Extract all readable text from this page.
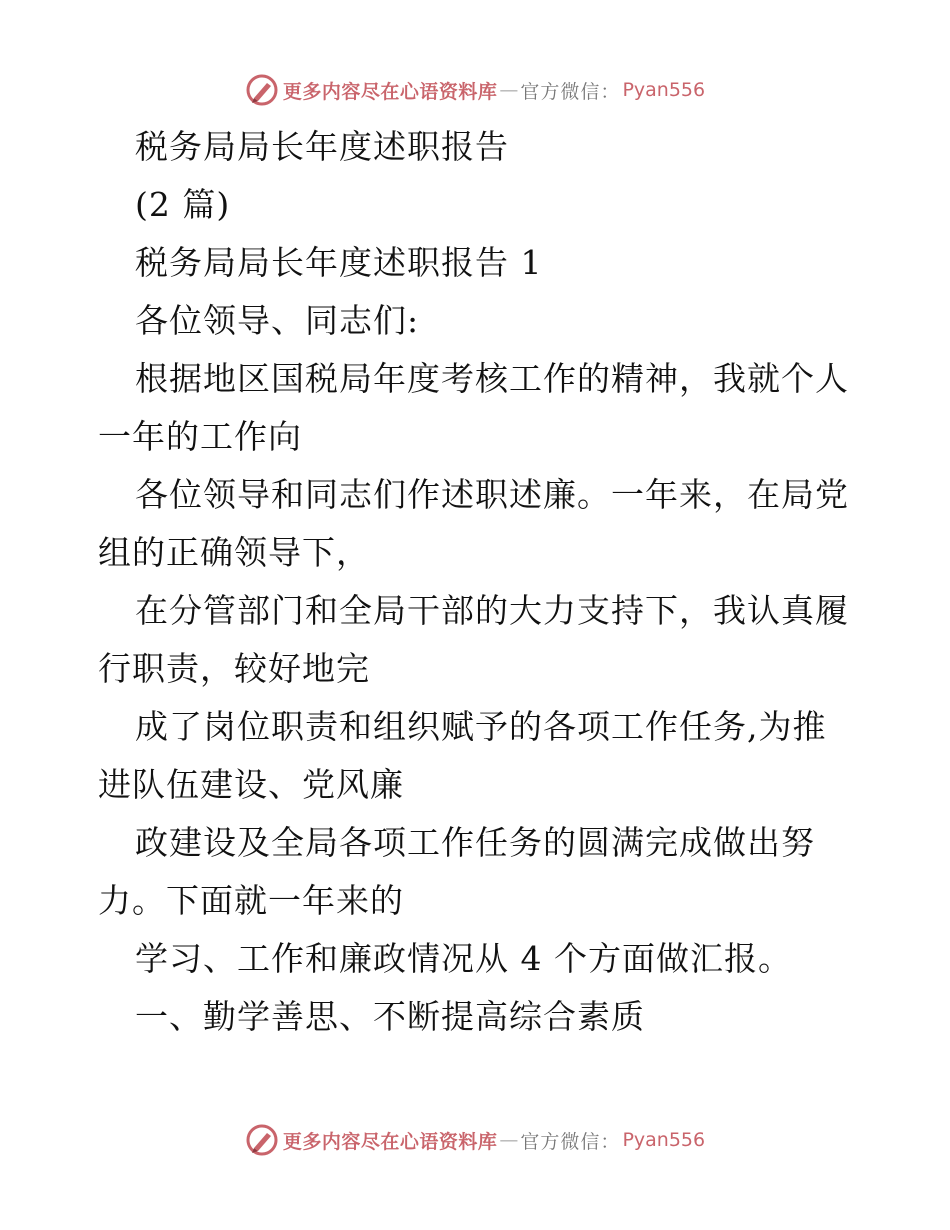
更多内容尽在心语资料库 — 官方微信： Pyan556
税务局局长年度述职报告
(2 篇)
税务局局长年度述职报告 1
各位领导、同志们:
根据地区国税局年度考核工作的精神，我就个人
一年的工作向
各位领导和同志们作述职述廉。一年来，在局党
组的正确领导下，
在分管部门和全局干部的大力支持下，我认真履
行职责，较好地完
成了岗位职责和组织赋予的各项工作任务,为推
进队伍建设、党风廉
政建设及全局各项工作任务的圆满完成做出努
力。下面就一年来的
学习、工作和廉政情况从 4 个方面做汇报。
一、勤学善思、不断提高综合素质
更多内容尽在心语资料库 — 官方微信： Pyan556
